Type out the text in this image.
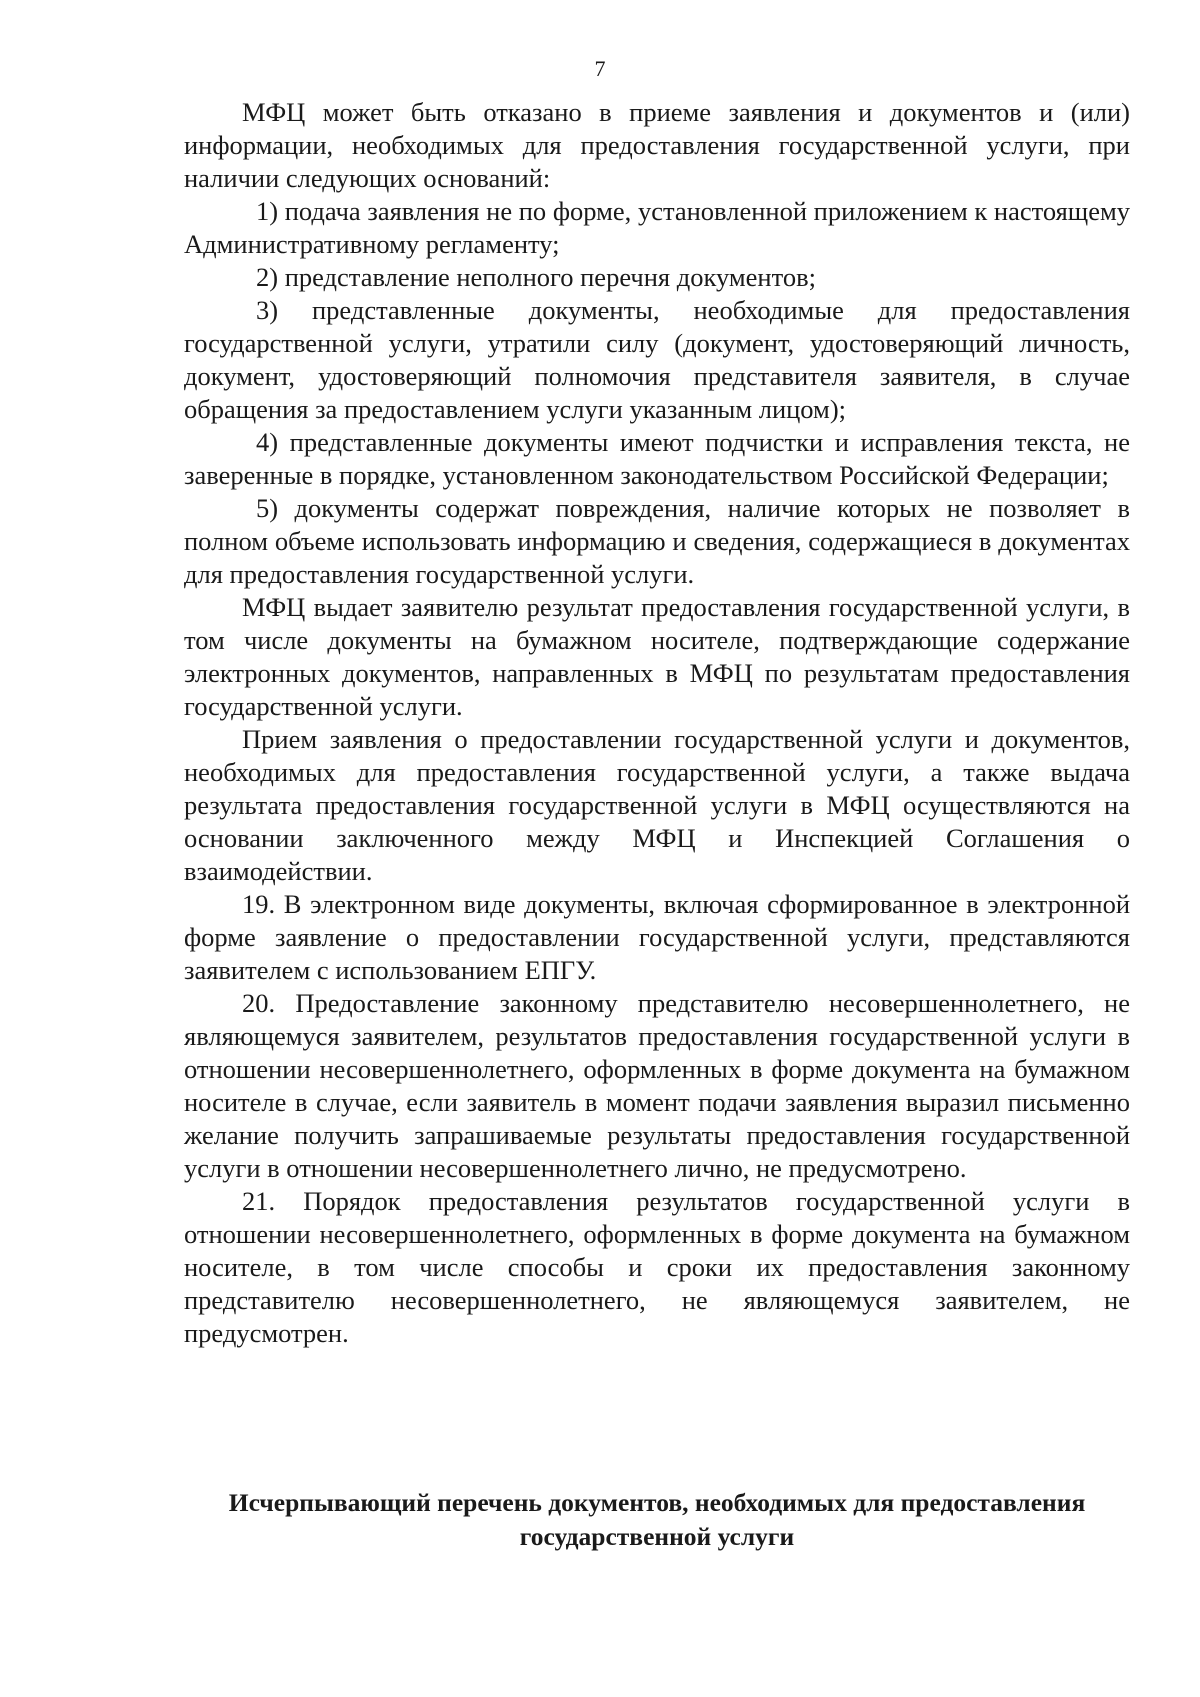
7

МФЦ может быть отказано в приеме заявления и документов и (или) информации, необходимых для предоставления государственной услуги, при наличии следующих оснований:

1) подача заявления не по форме, установленной приложением к настоящему Административному регламенту;

2) представление неполного перечня документов;

3) представленные документы, необходимые для предоставления государственной услуги, утратили силу (документ, удостоверяющий личность, документ, удостоверяющий полномочия представителя заявителя, в случае обращения за предоставлением услуги указанным лицом);

4) представленные документы имеют подчистки и исправления текста, не заверенные в порядке, установленном законодательством Российской Федерации;

5) документы содержат повреждения, наличие которых не позволяет в полном объеме использовать информацию и сведения, содержащиеся в документах для предоставления государственной услуги.

МФЦ выдает заявителю результат предоставления государственной услуги, в том числе документы на бумажном носителе, подтверждающие содержание электронных документов, направленных в МФЦ по результатам предоставления государственной услуги.

Прием заявления о предоставлении государственной услуги и документов, необходимых для предоставления государственной услуги, а также выдача результата предоставления государственной услуги в МФЦ осуществляются на основании заключенного между МФЦ и Инспекцией Соглашения о взаимодействии.

19. В электронном виде документы, включая сформированное в электронной форме заявление о предоставлении государственной услуги, представляются заявителем с использованием ЕПГУ.

20. Предоставление законному представителю несовершеннолетнего, не являющемуся заявителем, результатов предоставления государственной услуги в отношении несовершеннолетнего, оформленных в форме документа на бумажном носителе в случае, если заявитель в момент подачи заявления выразил письменно желание получить запрашиваемые результаты предоставления государственной услуги в отношении несовершеннолетнего лично, не предусмотрено.

21. Порядок предоставления результатов государственной услуги в отношении несовершеннолетнего, оформленных в форме документа на бумажном носителе, в том числе способы и сроки их предоставления законному представителю несовершеннолетнего, не являющемуся заявителем, не предусмотрен.

Исчерпывающий перечень документов, необходимых для предоставления
государственной услуги
